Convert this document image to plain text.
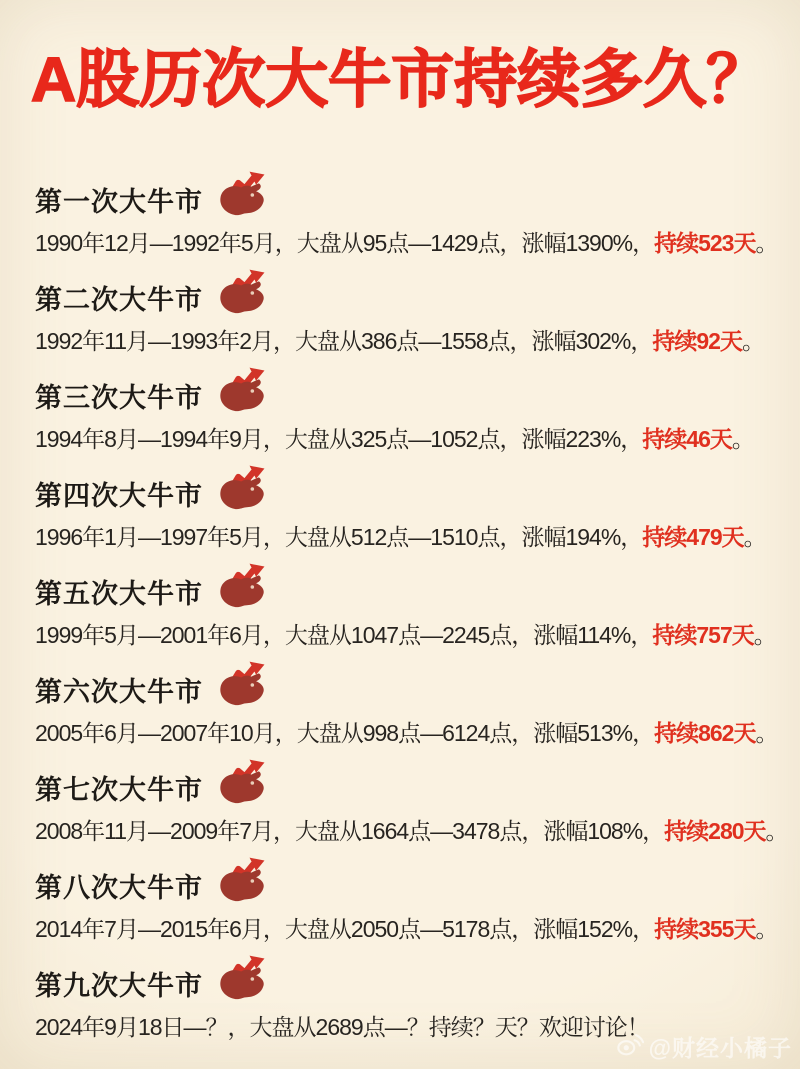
A股历次大牛市持续多久？
第一次大牛市

1990年12月—1992年5月，大盘从95点—1429点，涨幅1390%，持续523天。

第二次大牛市

1992年11月—1993年2月，大盘从386点—1558点，涨幅302%，持续92天。

第三次大牛市

1994年8月—1994年9月，大盘从325点—1052点，涨幅223%，持续46天。

第四次大牛市

1996年1月—1997年5月，大盘从512点—1510点，涨幅194%，持续479天。

第五次大牛市

1999年5月—2001年6月，大盘从1047点—2245点，涨幅114%，持续757天。

第六次大牛市

2005年6月—2007年10月，大盘从998点—6124点，涨幅513%，持续862天。

第七次大牛市

2008年11月—2009年7月，大盘从1664点—3478点，涨幅108%，持续280天。

第八次大牛市

2014年7月—2015年6月，大盘从2050点—5178点，涨幅152%，持续355天。

第九次大牛市

2024年9月18日—？，大盘从2689点—？持续？天？欢迎讨论！

@财经小橘子
